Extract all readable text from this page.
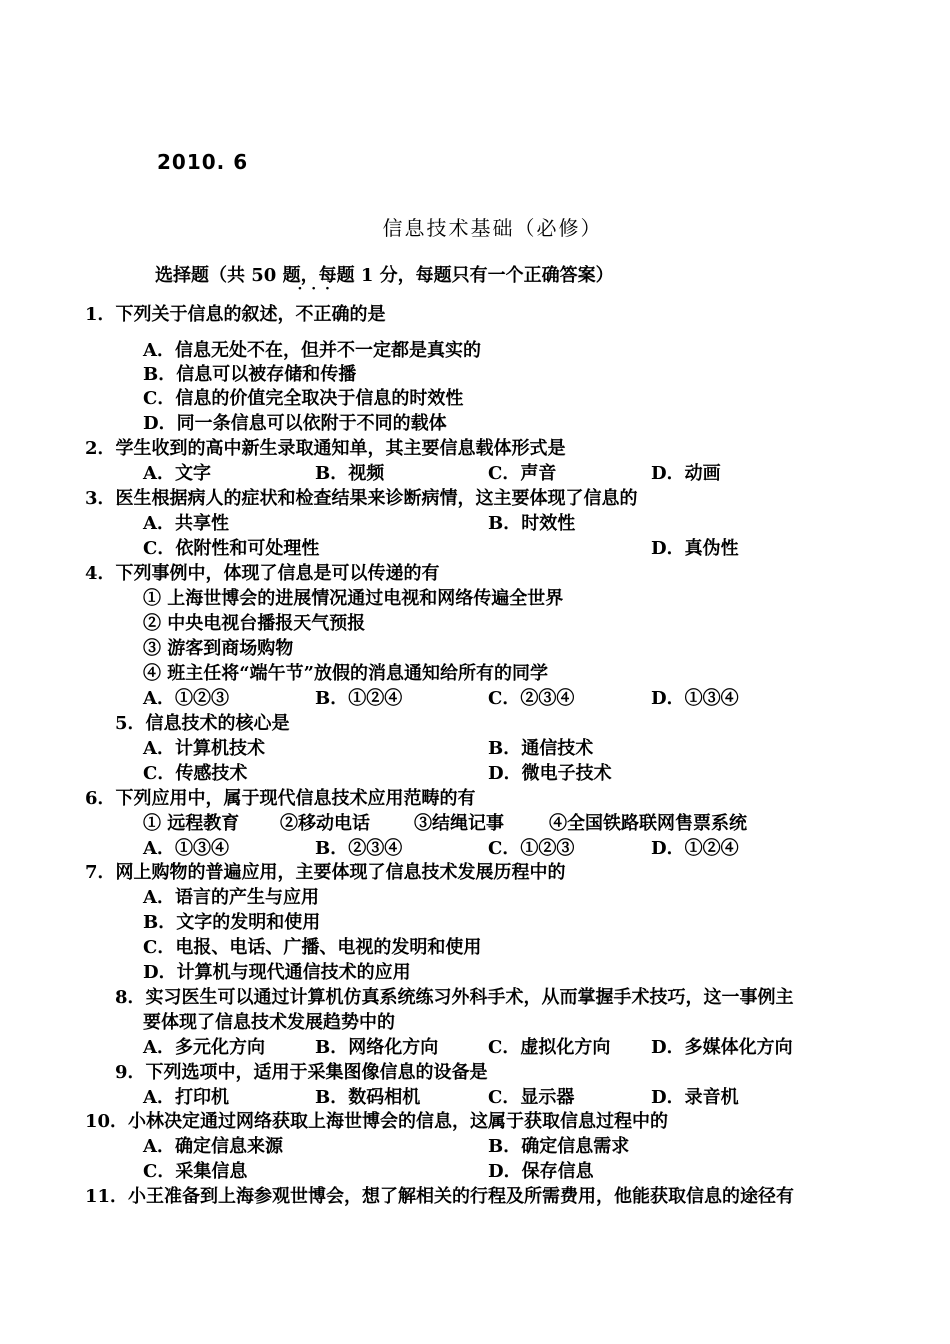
2010. 6
信息技术基础（必修）
选择题（共 50 题，每题 1 分，每题只有一个正确答案）
1．下列关于信息的叙述，不正确 · · ·的是
A．信息无处不在，但并不一定都是真实的
B．信息可以被存储和传播
C．信息的价值完全取决于信息的时效性
D．同一条信息可以依附于不同的载体
2．学生收到的高中新生录取通知单，其主要信息载体形式是
A．文字	B．视频	C．声音	D．动画
3．医生根据病人的症状和检查结果来诊断病情，这主要体现了信息的
A．共享性	B．时效性
C．依附性和可处理性	D．真伪性
4．下列事例中，体现了信息是可以传递的有
① 上海世博会的进展情况通过电视和网络传遍全世界
② 中央电视台播报天气预报
③ 游客到商场购物
④ 班主任将“端午节”放假的消息通知给所有的同学
A．①②③	B．①②④	C．②③④	D．①③④
5．信息技术的核心是
A．计算机技术	B．通信技术
C．传感技术	D．微电子技术
6．下列应用中，属于现代信息技术应用范畴的有
① 远程教育 ②移动电话 ③结绳记事	④全国铁路联网售票系统
A．①③④	B．②③④	C．①②③	D．①②④
7．网上购物的普遍应用，主要体现了信息技术发展历程中的
A．语言的产生与应用
B．文字的发明和使用
C．电报、电话、广播、电视的发明和使用
D．计算机与现代通信技术的应用
8．实习医生可以通过计算机仿真系统练习外科手术，从而掌握手术技巧，这一事例主
要体现了信息技术发展趋势中的
A．多元化方向	B．网络化方向	C．虚拟化方向 D．多媒体化方向
9．下列选项中，适用于采集图像信息的设备是
A．打印机	B．数码相机	C．显示器	D．录音机
10．小林决定通过网络获取上海世博会的信息，这属于获取信息过程中的
A．确定信息来源	B．确定信息需求
C．采集信息	D．保存信息
11．小王准备到上海参观世博会，想了解相关的行程及所需费用，他能获取信息的途径有
